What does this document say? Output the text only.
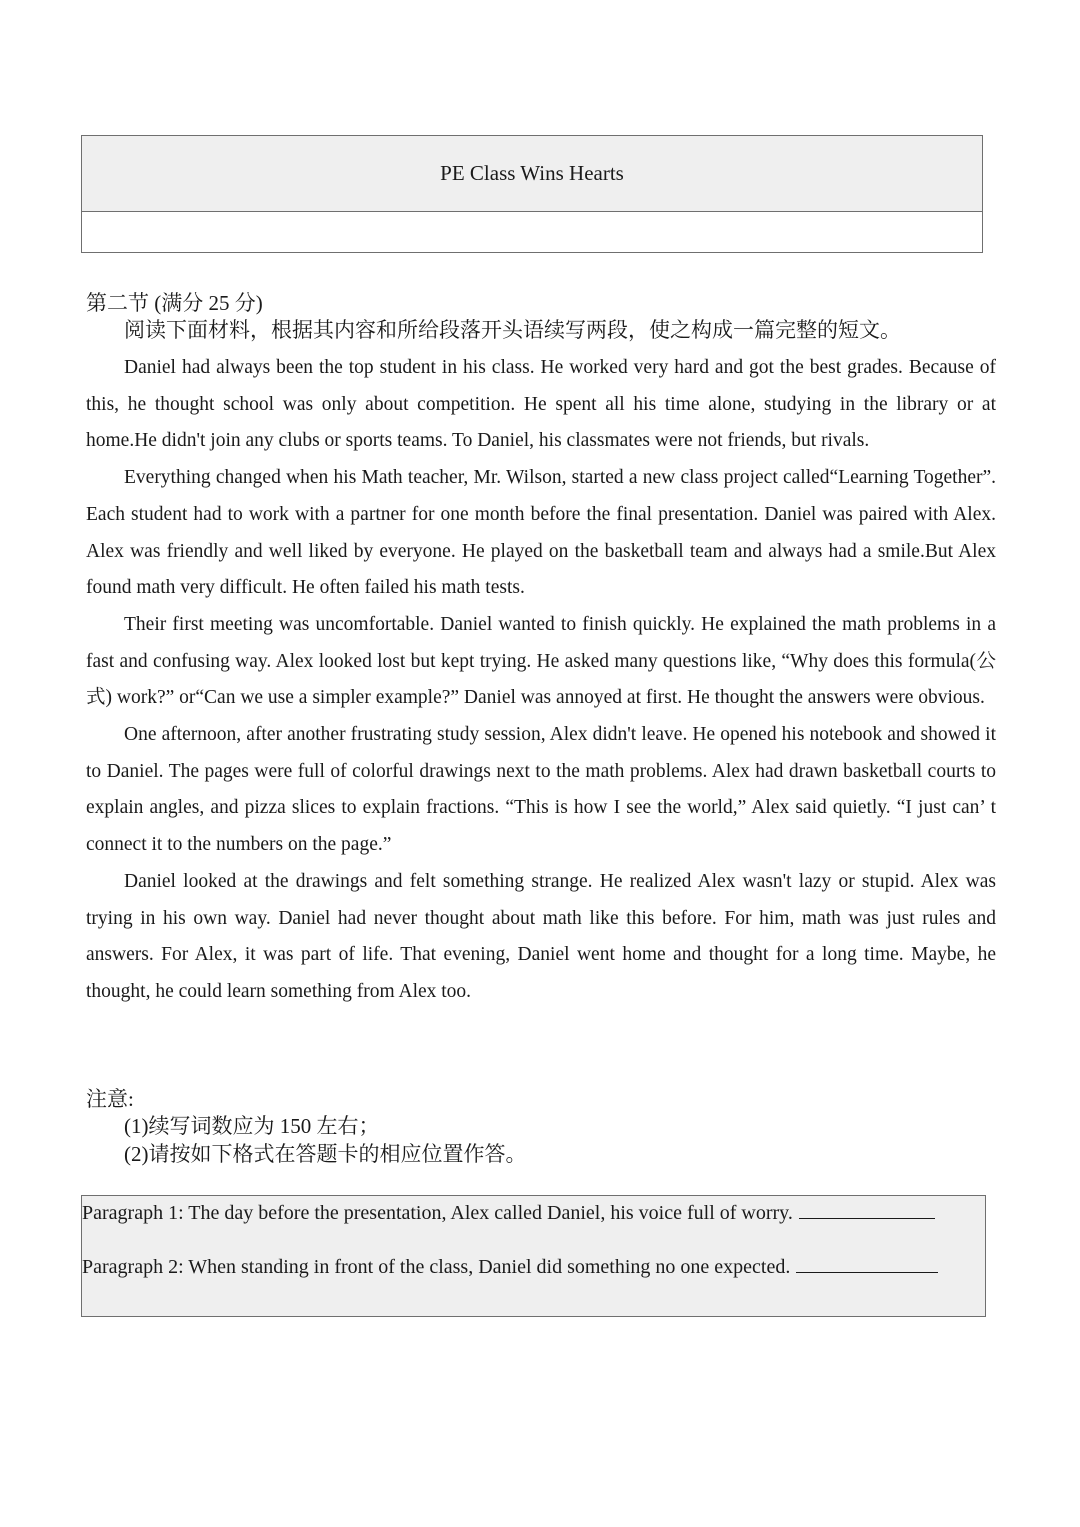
PE Class Wins Hearts
第二节 (满分 25 分)
阅读下面材料，根据其内容和所给段落开头语续写两段，使之构成一篇完整的短文。

Daniel had always been the top student in his class. He worked very hard and got the best grades. Because of this, he thought school was only about competition. He spent all his time alone, studying in the library or at home.He didn't join any clubs or sports teams. To Daniel, his classmates were not friends, but rivals.

Everything changed when his Math teacher, Mr. Wilson, started a new class project called“Learning Together”. Each student had to work with a partner for one month before the final presentation. Daniel was paired with Alex. Alex was friendly and well liked by everyone. He played on the basketball team and always had a smile.But Alex found math very difficult. He often failed his math tests.

Their first meeting was uncomfortable. Daniel wanted to finish quickly. He explained the math problems in a fast and confusing way. Alex looked lost but kept trying. He asked many questions like, “Why does this formula(公式) work?” or“Can we use a simpler example?” Daniel was annoyed at first. He thought the answers were obvious.

One afternoon, after another frustrating study session, Alex didn't leave. He opened his notebook and showed it to Daniel. The pages were full of colorful drawings next to the math problems. Alex had drawn basketball courts to explain angles, and pizza slices to explain fractions. “This is how I see the world,” Alex said quietly. “I just can’ t connect it to the numbers on the page.”

Daniel looked at the drawings and felt something strange. He realized Alex wasn't lazy or stupid. Alex was trying in his own way. Daniel had never thought about math like this before. For him, math was just rules and answers. For Alex, it was part of life. That evening, Daniel went home and thought for a long time. Maybe, he thought, he could learn something from Alex too.

注意:
(1)续写词数应为 150 左右；
(2)请按如下格式在答题卡的相应位置作答。
Paragraph 1: The day before the presentation, Alex called Daniel, his voice full of worry.
Paragraph 2: When standing in front of the class, Daniel did something no one expected.
